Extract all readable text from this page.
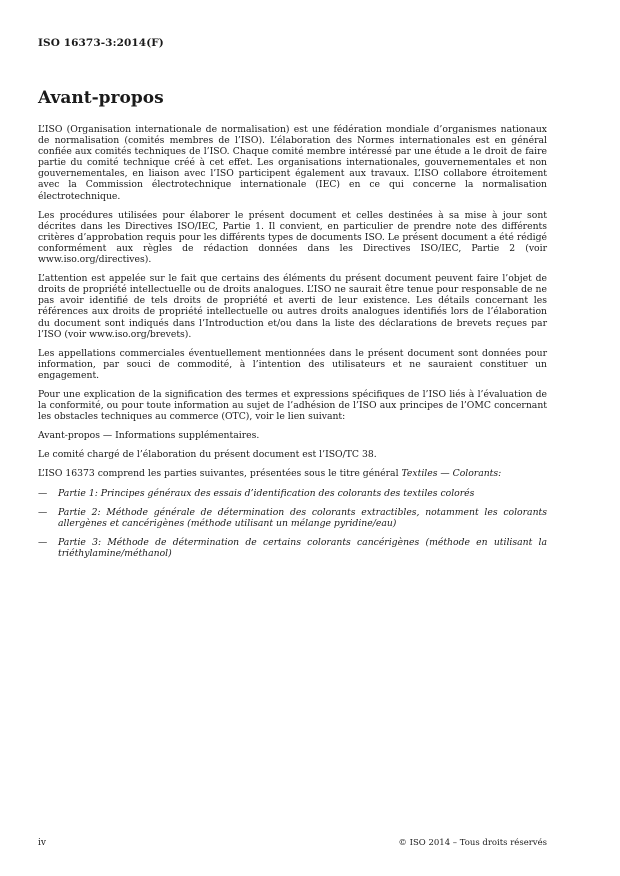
ISO 16373-3:2014(F)
Avant-propos

L’ISO (Organisation internationale de normalisation) est une fédération mondiale d’organismes nationaux de normalisation (comités membres de l’ISO). L’élaboration des Normes internationales est en général confiée aux comités techniques de l’ISO. Chaque comité membre intéressé par une étude a le droit de faire partie du comité technique créé à cet effet. Les organisations internationales, gouvernementales et non gouvernementales, en liaison avec l’ISO participent également aux travaux. L’ISO collabore étroitement avec la Commission électrotechnique internationale (IEC) en ce qui concerne la normalisation électrotechnique.

Les procédures utilisées pour élaborer le présent document et celles destinées à sa mise à jour sont décrites dans les Directives ISO/IEC, Partie 1. Il convient, en particulier de prendre note des différents critères d’approbation requis pour les différents types de documents ISO. Le présent document a été rédigé conformément aux règles de rédaction données dans les Directives ISO/IEC, Partie 2 (voir www.iso.org/directives).

L’attention est appelée sur le fait que certains des éléments du présent document peuvent faire l’objet de droits de propriété intellectuelle ou de droits analogues. L’ISO ne saurait être tenue pour responsable de ne pas avoir identifié de tels droits de propriété et averti de leur existence. Les détails concernant les références aux droits de propriété intellectuelle ou autres droits analogues identifiés lors de l’élaboration du document sont indiqués dans l’Introduction et/ou dans la liste des déclarations de brevets reçues par l’ISO (voir www.iso.org/brevets).

Les appellations commerciales éventuellement mentionnées dans le présent document sont données pour information, par souci de commodité, à l’intention des utilisateurs et ne sauraient constituer un engagement.

Pour une explication de la signification des termes et expressions spécifiques de l’ISO liés à l’évaluation de la conformité, ou pour toute information au sujet de l’adhésion de l’ISO aux principes de l’OMC concernant les obstacles techniques au commerce (OTC), voir le lien suivant:

Avant-propos — Informations supplémentaires.

Le comité chargé de l’élaboration du présent document est l’ISO/TC 38.

L’ISO 16373 comprend les parties suivantes, présentées sous le titre général Textiles — Colorants:

—	Partie 1: Principes généraux des essais d’identification des colorants des textiles colorés
—	Partie 2: Méthode générale de détermination des colorants extractibles, notamment les colorants allergènes et cancérigènes (méthode utilisant un mélange pyridine/eau)
—	Partie 3: Méthode de détermination de certains colorants cancérigènes (méthode en utilisant la triéthylamine/méthanol)
iv	© ISO 2014 – Tous droits réservés
